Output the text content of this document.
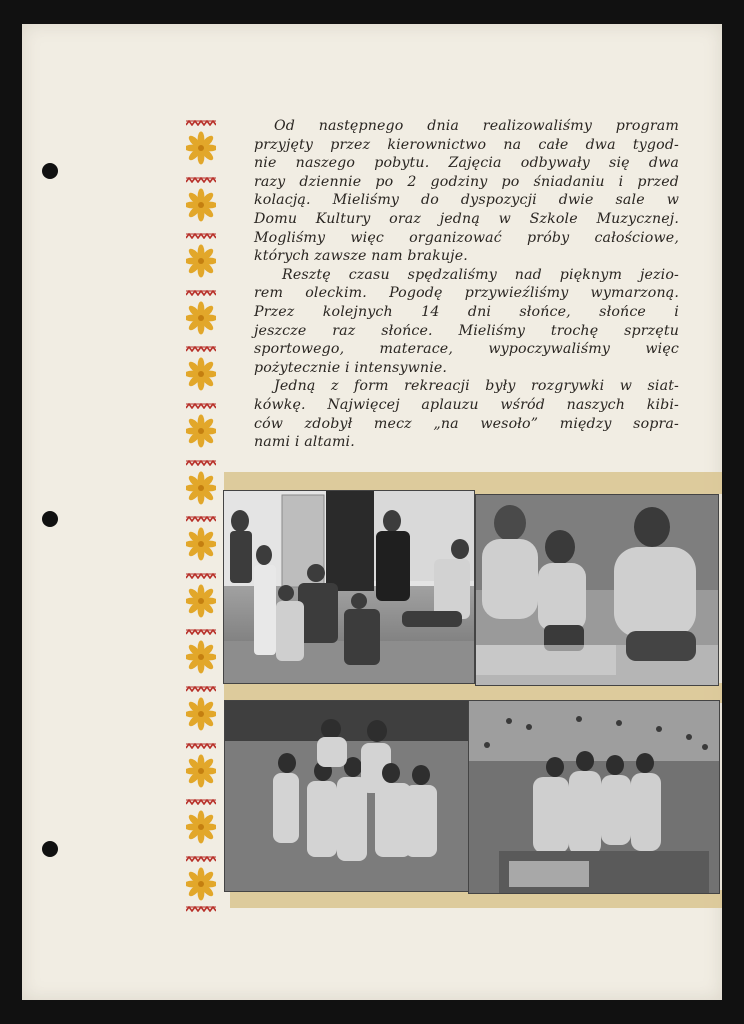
Od następnego dnia realizowaliśmy program
przyjęty przez kierownictwo na całe dwa tygod-
nie naszego pobytu. Zajęcia odbywały się dwa
razy dziennie po 2 godziny po śniadaniu i przed
kolacją. Mieliśmy do dyspozycji dwie sale w
Domu Kultury oraz jedną w Szkole Muzycznej.
Mogliśmy więc organizować próby całościowe,
których zawsze nam brakuje.
Resztę czasu spędzaliśmy nad pięknym jezio-
rem oleckim. Pogodę przywieźliśmy wymarzoną.
Przez kolejnych 14 dni słońce, słońce i
jeszcze raz słońce. Mieliśmy trochę sprzętu
sportowego, materace, wypoczywaliśmy więc
pożytecznie i intensywnie.
Jedną z form rekreacji były rozgrywki w siat-
kówkę. Najwięcej aplauzu wśród naszych kibi-
ców zdobył mecz „na wesoło” między sopra-
nami i altami.
